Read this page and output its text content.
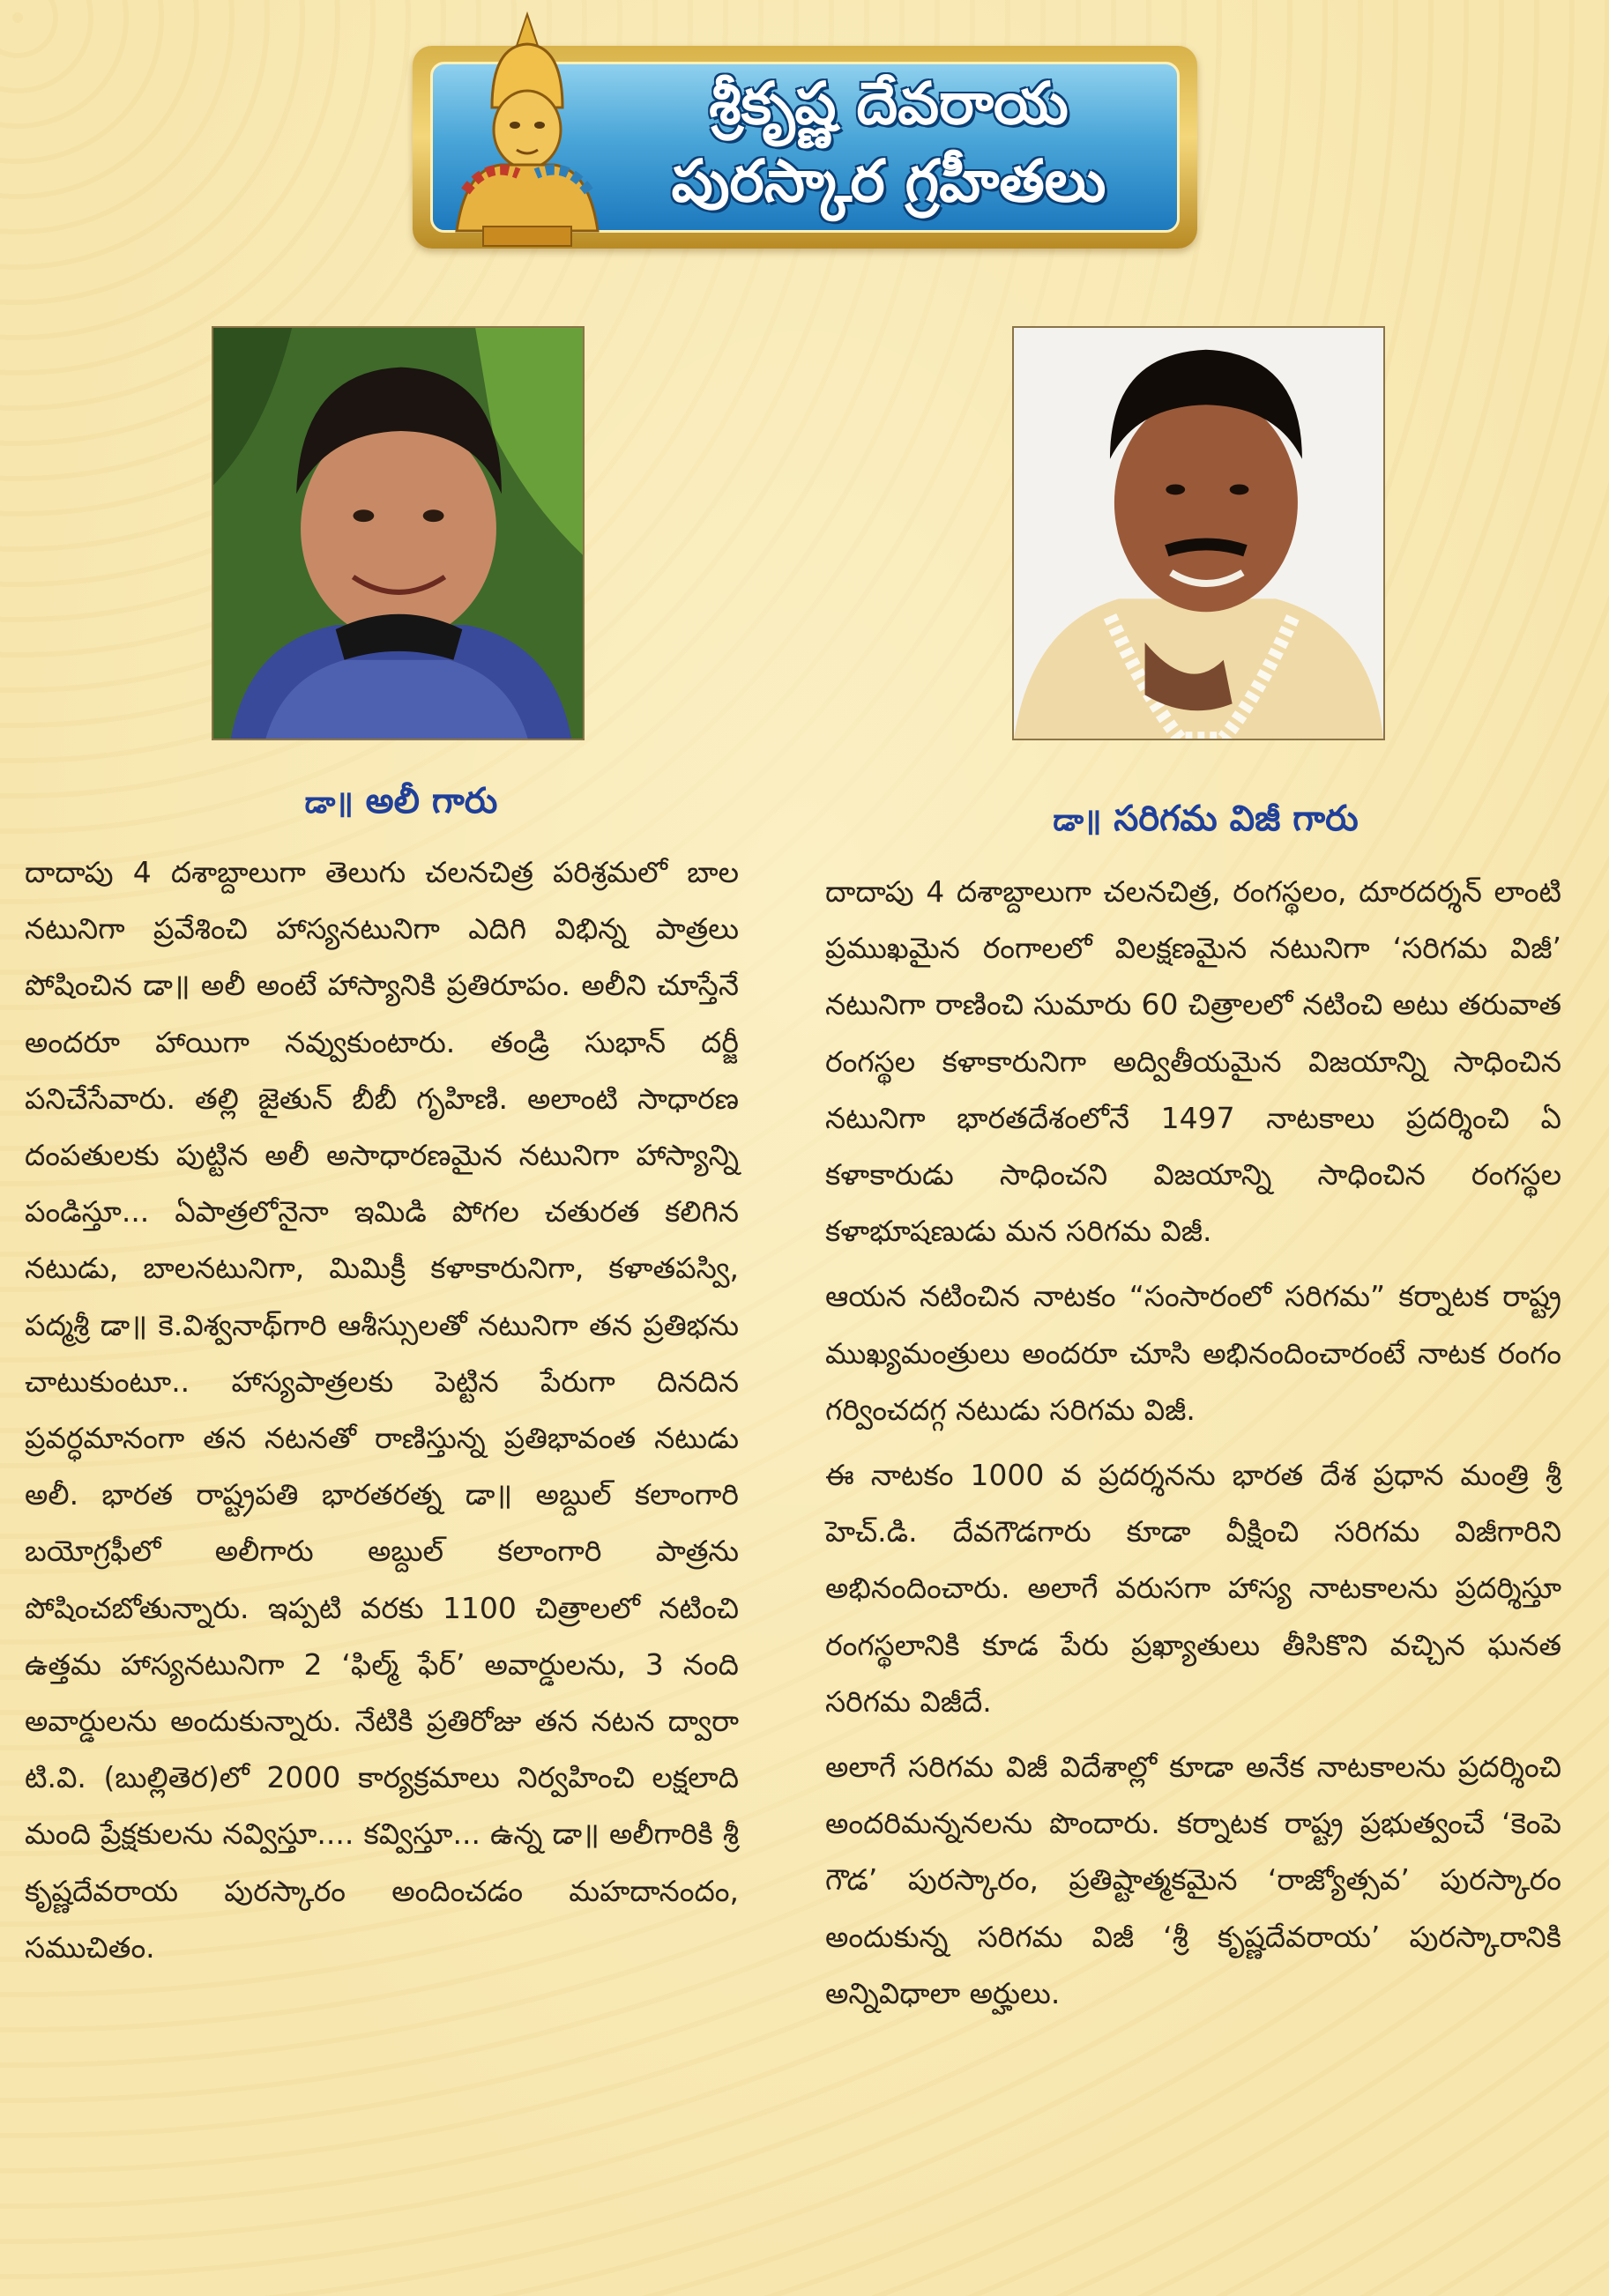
శ్రీకృష్ణ దేవరాయ
పురస్కార గ్రహీతలు
డా॥ అలీ గారు	డా॥ సరిగమ విజీ గారు

దాదాపు 4 దశాబ్దాలుగా తెలుగు చలనచిత్ర పరిశ్రమలో బాల నటునిగా ప్రవేశించి హాస్యనటునిగా ఎదిగి విభిన్న పాత్రలు పోషించిన డా॥ అలీ అంటే హాస్యానికి ప్రతిరూపం. అలీని చూస్తేనే అందరూ హాయిగా నవ్వుకుంటారు. తండ్రి సుభాన్ దర్జీ పనిచేసేవారు. తల్లి జైతున్ బీబీ గృహిణి. అలాంటి సాధారణ దంపతులకు పుట్టిన అలీ అసాధారణమైన నటునిగా హాస్యాన్ని పండిస్తూ... ఏపాత్రలోనైనా ఇమిడి పోగల చతురత కలిగిన నటుడు, బాలనటునిగా, మిమిక్రీ కళాకారునిగా, కళాతపస్వి, పద్మశ్రీ డా॥ కె.విశ్వనాథ్‌గారి ఆశీస్సులతో నటునిగా తన ప్రతిభను చాటుకుంటూ.. హాస్యపాత్రలకు పెట్టిన పేరుగా దినదిన ప్రవర్ధమానంగా తన నటనతో రాణిస్తున్న ప్రతిభావంత నటుడు అలీ. భారత రాష్ట్రపతి భారతరత్న డా॥ అబ్దుల్ కలాంగారి బయోగ్రఫీలో అలీగారు అబ్దుల్ కలాంగారి పాత్రను పోషించబోతున్నారు. ఇప్పటి వరకు 1100 చిత్రాలలో నటించి ఉత్తమ హాస్యనటునిగా 2 ‘ఫిల్మ్ ఫేర్’ అవార్డులను, 3 నంది అవార్డులను అందుకున్నారు. నేటికి ప్రతిరోజు తన నటన ద్వారా టి.వి. (బుల్లితెర)లో 2000 కార్యక్రమాలు నిర్వహించి లక్షలాది మంది ప్రేక్షకులను నవ్విస్తూ.... కవ్విస్తూ... ఉన్న డా॥ అలీగారికి శ్రీ కృష్ణదేవరాయ పురస్కారం అందించడం మహదానందం, సముచితం.

దాదాపు 4 దశాబ్దాలుగా చలనచిత్ర, రంగస్థలం, దూరదర్శన్ లాంటి ప్రముఖమైన రంగాలలో విలక్షణమైన నటునిగా ‘సరిగమ విజీ’ నటునిగా రాణించి సుమారు 60 చిత్రాలలో నటించి అటు తరువాత రంగస్థల కళాకారునిగా అద్వితీయమైన విజయాన్ని సాధించిన నటునిగా భారతదేశంలోనే 1497 నాటకాలు ప్రదర్శించి ఏ కళాకారుడు సాధించని విజయాన్ని సాధించిన రంగస్థల కళాభూషణుడు మన సరిగమ విజీ.

ఆయన నటించిన నాటకం “సంసారంలో సరిగమ” కర్నాటక రాష్ట్ర ముఖ్యమంత్రులు అందరూ చూసి అభినందించారంటే నాటక రంగం గర్వించదగ్గ నటుడు సరిగమ విజీ.

ఈ నాటకం 1000 వ ప్రదర్శనను భారత దేశ ప్రధాన మంత్రి శ్రీ హెచ్.డి. దేవగౌడగారు కూడా వీక్షించి సరిగమ విజీగారిని అభినందించారు. అలాగే వరుసగా హాస్య నాటకాలను ప్రదర్శిస్తూ రంగస్థలానికి కూడ పేరు ప్రఖ్యాతులు తీసికొని వచ్చిన ఘనత సరిగమ విజీదే.

అలాగే సరిగమ విజీ విదేశాల్లో కూడా అనేక నాటకాలను ప్రదర్శించి అందరిమన్ననలను పొందారు. కర్నాటక రాష్ట్ర ప్రభుత్వంచే ‘కెంపె గౌడ’ పురస్కారం, ప్రతిష్టాత్మకమైన ‘రాజ్యోత్సవ’ పురస్కారం అందుకున్న సరిగమ విజీ ‘శ్రీ కృష్ణదేవరాయ’ పురస్కారానికి అన్నివిధాలా అర్హులు.
